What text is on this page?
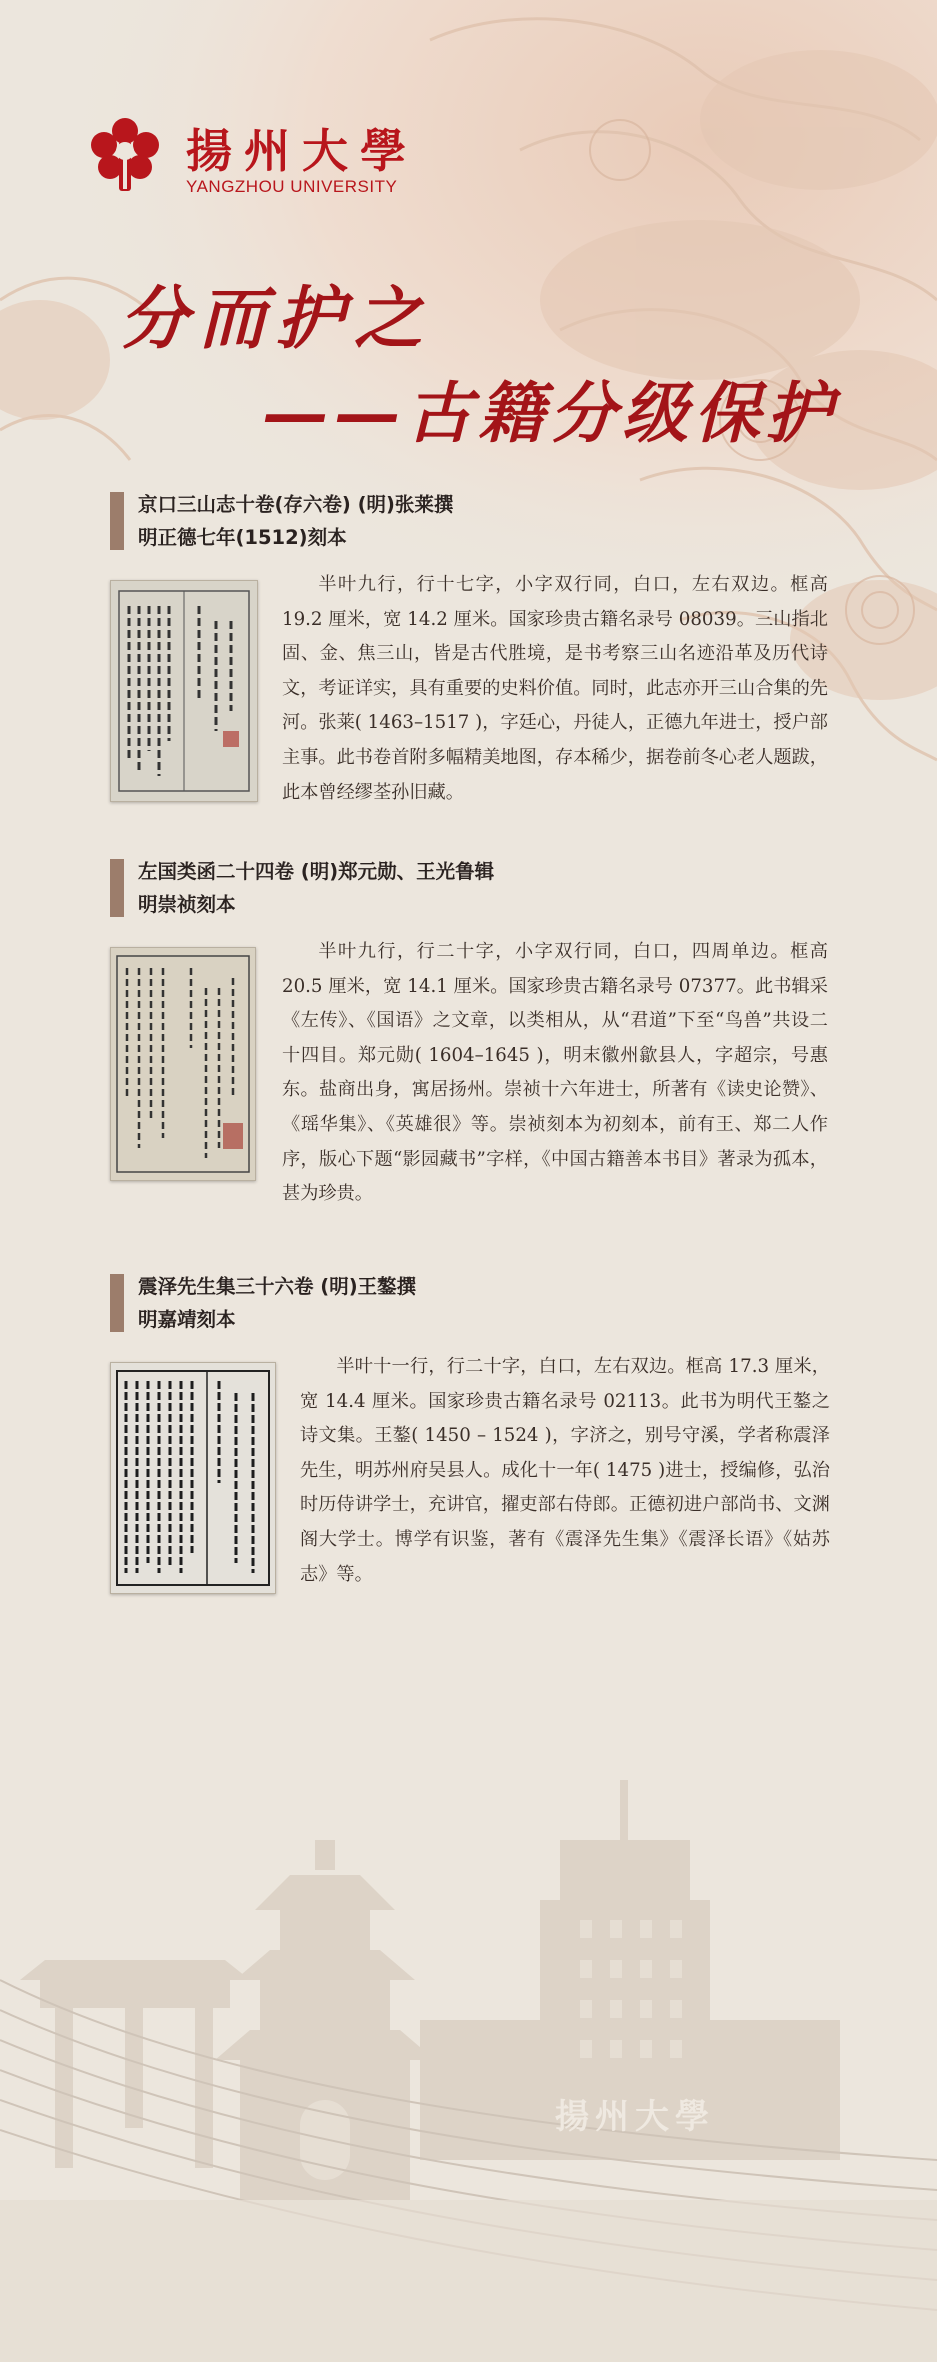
揚州大學
揚州大學
YANGZHOU UNIVERSITY
分而护之
——古籍分级保护
京口三山志十卷(存六卷) (明)张莱撰
明正德七年(1512)刻本
半叶九行，行十七字，小字双行同，白口，左右双边。框高 19.2 厘米，宽 14.2 厘米。国家珍贵古籍名录号 08039。三山指北固、金、焦三山，皆是古代胜境，是书考察三山名迹沿革及历代诗文，考证详实，具有重要的史料价值。同时，此志亦开三山合集的先河。张莱( 1463–1517 )，字廷心，丹徒人，正德九年进士，授户部主事。此书卷首附多幅精美地图，存本稀少，据卷前冬心老人题跋，此本曾经缪荃孙旧藏。
左国类函二十四卷 (明)郑元勋、王光鲁辑
明崇祯刻本
半叶九行，行二十字，小字双行同，白口，四周单边。框高 20.5 厘米，宽 14.1 厘米。国家珍贵古籍名录号 07377。此书辑采《左传》、《国语》之文章，以类相从，从“君道”下至“鸟兽”共设二十四目。郑元勋( 1604–1645 )，明末徽州歙县人，字超宗，号惠东。盐商出身，寓居扬州。崇祯十六年进士，所著有《读史论赞》、《瑶华集》、《英雄很》等。崇祯刻本为初刻本，前有王、郑二人作序，版心下题“影园藏书”字样，《中国古籍善本书目》著录为孤本，甚为珍贵。
震泽先生集三十六卷 (明)王鏊撰
明嘉靖刻本
半叶十一行，行二十字，白口，左右双边。框高 17.3 厘米，宽 14.4 厘米。国家珍贵古籍名录号 02113。此书为明代王鏊之诗文集。王鏊( 1450 – 1524 )，字济之，别号守溪，学者称震泽先生，明苏州府吴县人。成化十一年( 1475 )进士，授编修，弘治时历侍讲学士，充讲官，擢吏部右侍郎。正德初进户部尚书、文渊阁大学士。博学有识鉴，著有《震泽先生集》《震泽长语》《姑苏志》等。
